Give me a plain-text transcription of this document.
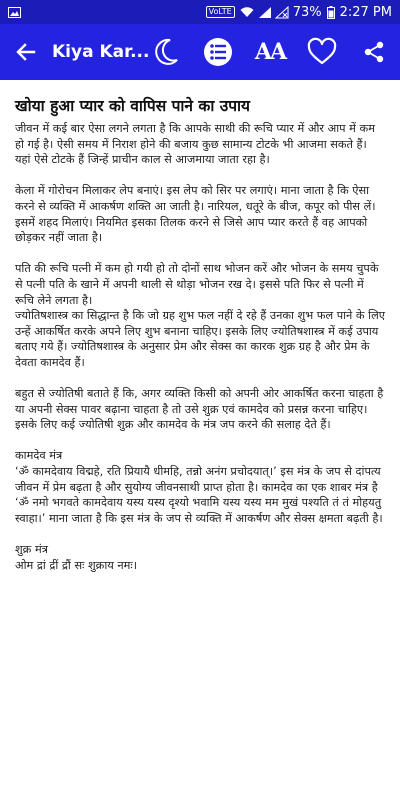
VoLTE	73% 2:27 PM
Kiya Kar...	AA
खोया हुआ प्यार को वापिस पाने का उपाय

जीवन में कई बार ऐसा लगने लगता है कि आपके साथी की रूचि प्यार में और आप में कम हो गई है। ऐसी समय में निराश होने की बजाय कुछ सामान्य टोटके भी आजमा सकते हैं। यहां ऐसे टोटके हैं जिन्हें प्राचीन काल से आजमाया जाता रहा है।

केला में गोरोचन मिलाकर लेप बनाएं। इस लेप को सिर पर लगाएं। माना जाता है कि ऐसा करने से व्यक्ति में आकर्षण शक्ति आ जाती है। नारियल, धतूरे के बीज, कपूर को पीस लें। इसमें शहद मिलाएं। नियमित इसका तिलक करने से जिसे आप प्यार करते हैं वह आपको छोड़कर नहीं जाता है।

पति की रूचि पत्नी में कम हो गयी हो तो दोनों साथ भोजन करें और भोजन के समय चुपके से पत्नी पति के खाने में अपनी थाली से थोड़ा भोजन रख दे। इससे पति फिर से पत्नी में रूचि लेने लगता है।
ज्योतिषशास्त्र का सिद्धान्त है कि जो ग्रह शुभ फल नहीं दे रहे हैं उनका शुभ फल पाने के लिए उन्हें आकर्षित करके अपने लिए शुभ बनाना चाहिए। इसके लिए ज्योतिषशास्त्र में कई उपाय बताए गये हैं। ज्योतिषशास्त्र के अनुसार प्रेम और सेक्स का कारक शुक्र ग्रह है और प्रेम के देवता कामदेव हैं।

बहुत से ज्योतिषी बताते हैं कि, अगर व्यक्ति किसी को अपनी ओर आकर्षित करना चाहता है या अपनी सेक्स पावर बढ़ाना चाहता है तो उसे शुक्र एवं कामदेव को प्रसन्न करना चाहिए। इसके लिए कई ज्योतिषी शुक्र और कामदेव के मंत्र जप करने की सलाह देते हैं।

कामदेव मंत्र
‘ॐ कामदेवाय विद्महे, रति प्रियायै धीमहि, तन्नो अनंग प्रचोदयात्।’ इस मंत्र के जप से दांपत्य जीवन में प्रेम बढ़ता है और सुयोग्य जीवनसाथी प्राप्त होता है। कामदेव का एक शाबर मंत्र है ‘ॐ नमो भगवते कामदेवाय यस्य यस्य दृश्यो भवामि यस्य यस्य मम मुखं पश्यति तं तं मोहयतु स्वाहा।’ माना जाता है कि इस मंत्र के जप से व्यक्ति में आकर्षण और सेक्स क्षमता बढ़ती है।

शुक्र मंत्र
ओम द्रां द्रीं द्रौं सः शुक्राय नमः।
